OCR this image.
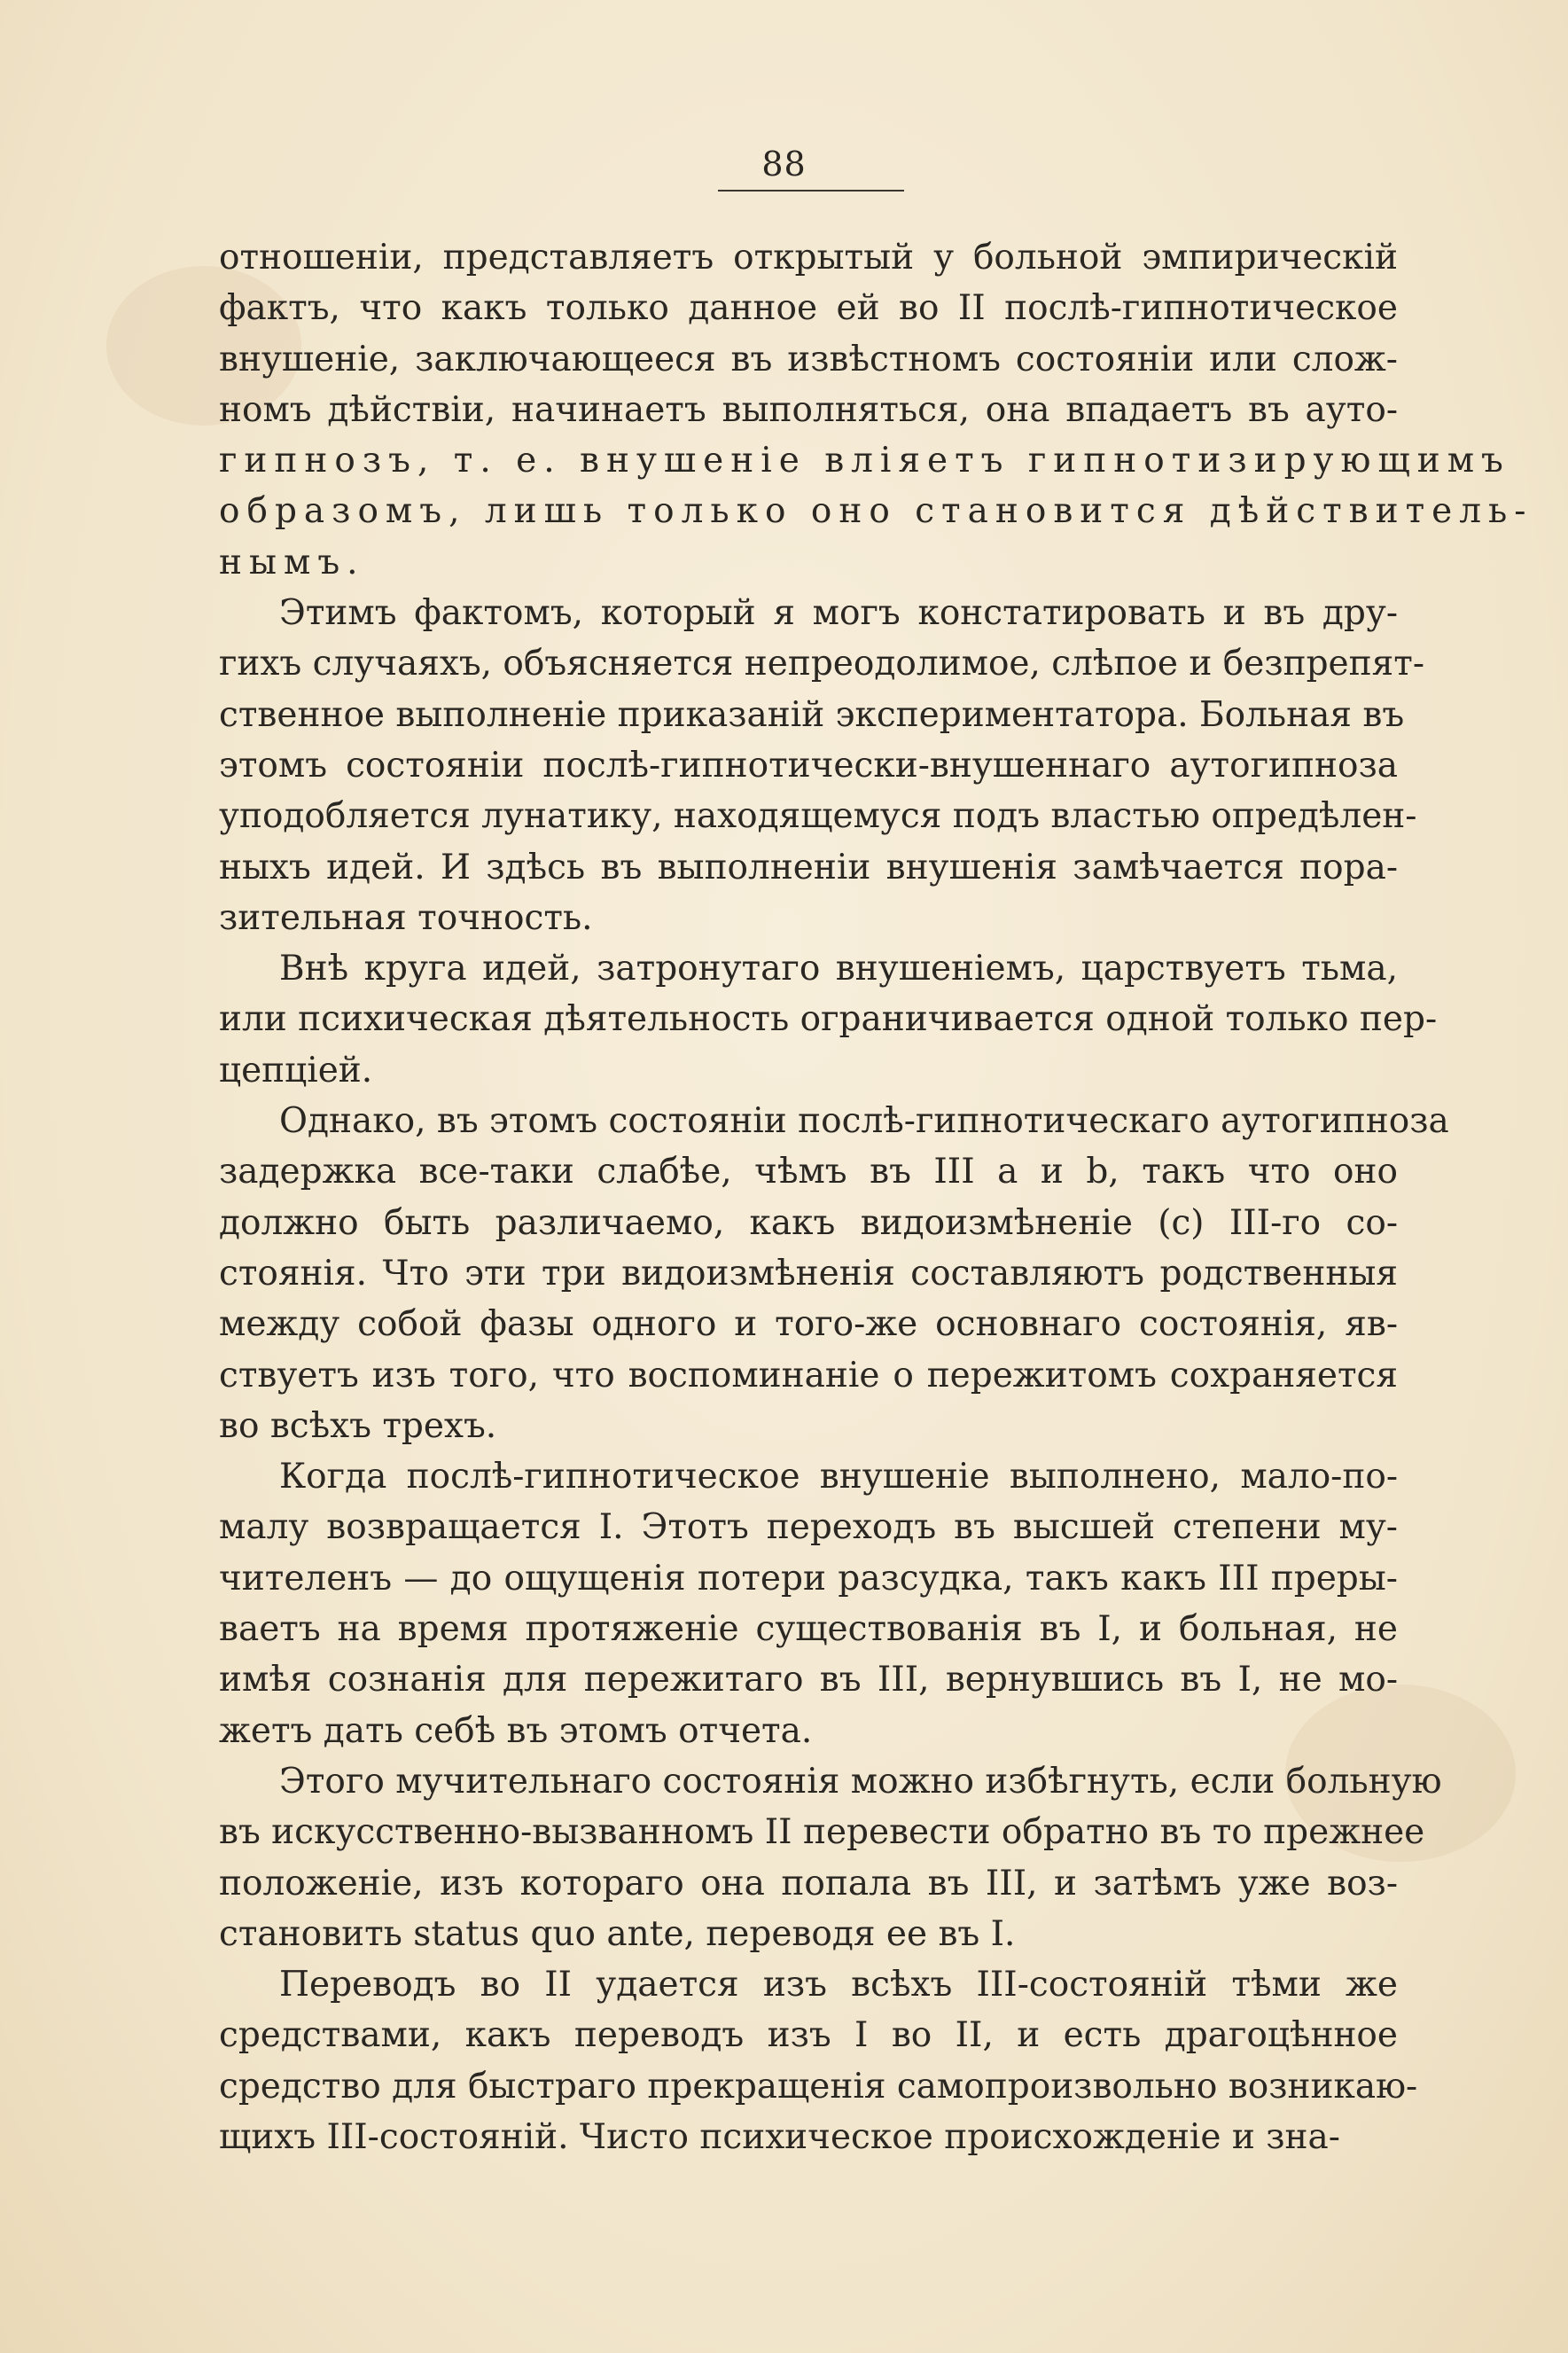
88
отношеніи, представляетъ открытый у больной эмпирическій
фактъ, что какъ только данное ей во II послѣ-гипнотическое
внушеніе, заключающееся въ извѣстномъ состояніи или слож-
номъ дѣйствіи, начинаетъ выполняться, она впадаетъ въ ауто-
гипнозъ, т. е. внушеніе вліяетъ гипнотизирующимъ
образомъ, лишь только оно становится дѣйствитель-
нымъ.
Этимъ фактомъ, который я могъ констатировать и въ дру-
гихъ случаяхъ, объясняется непреодолимое, слѣпое и безпрепят-
ственное выполненіе приказаній экспериментатора. Больная въ
этомъ состояніи послѣ-гипнотически-внушеннаго аутогипноза
уподобляется лунатику, находящемуся подъ властью опредѣлен-
ныхъ идей. И здѣсь въ выполненіи внушенія замѣчается пора-
зительная точность.
Внѣ круга идей, затронутаго внушеніемъ, царствуетъ тьма,
или психическая дѣятельность ограничивается одной только пер-
цепціей.
Однако, въ этомъ состояніи послѣ-гипнотическаго аутогипноза
задержка все-таки слабѣе, чѣмъ въ III a и b, такъ что оно
должно быть различаемо, какъ видоизмѣненіе (c) III-го со-
стоянія. Что эти три видоизмѣненія составляютъ родственныя
между собой фазы одного и того-же основнаго состоянія, яв-
ствуетъ изъ того, что воспоминаніе о пережитомъ сохраняется
во всѣхъ трехъ.
Когда послѣ-гипнотическое внушеніе выполнено, мало-по-
малу возвращается I. Этотъ переходъ въ высшей степени му-
чителенъ — до ощущенія потери разсудка, такъ какъ III преры-
ваетъ на время протяженіе существованія въ I, и больная, не
имѣя сознанія для пережитаго въ III, вернувшись въ I, не мо-
жетъ дать себѣ въ этомъ отчета.
Этого мучительнаго состоянія можно избѣгнуть, если больную
въ искусственно-вызванномъ II перевести обратно въ то прежнее
положеніе, изъ котораго она попала въ III, и затѣмъ уже воз-
становить status quo ante, переводя ее въ I.
Переводъ во II удается изъ всѣхъ III-состояній тѣми же
средствами, какъ переводъ изъ I во II, и есть драгоцѣнное
средство для быстраго прекращенія самопроизвольно возникаю-
щихъ III-состояній. Чисто психическое происхожденіе и зна-
